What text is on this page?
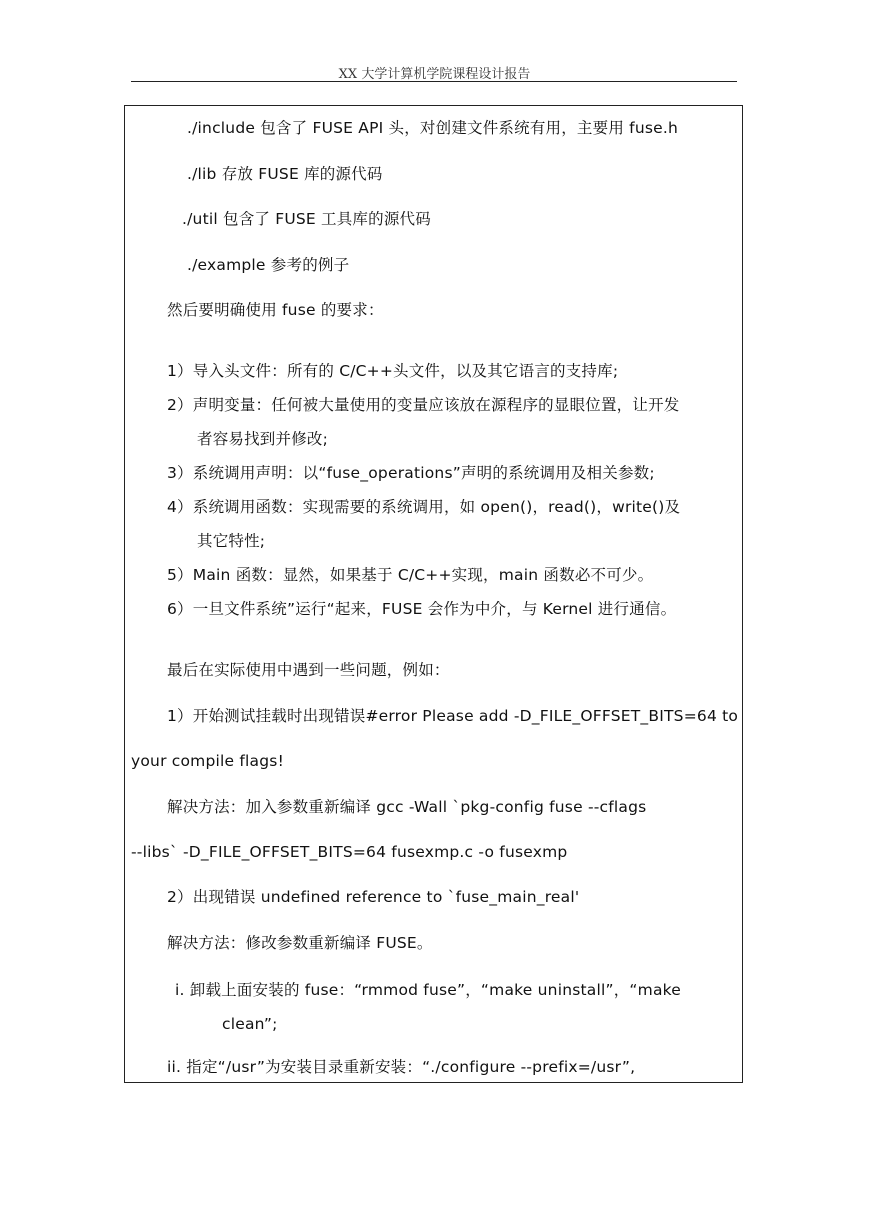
XX 大学计算机学院课程设计报告
./include 包含了 FUSE API 头，对创建文件系统有用，主要用 fuse.h
./lib 存放 FUSE 库的源代码
./util 包含了 FUSE 工具库的源代码
./example 参考的例子
然后要明确使用 fuse 的要求：
1）导入头文件：所有的 C/C++头文件，以及其它语言的支持库;
2）声明变量：任何被大量使用的变量应该放在源程序的显眼位置，让开发
者容易找到并修改;
3）系统调用声明：以“fuse_operations”声明的系统调用及相关参数;
4）系统调用函数：实现需要的系统调用，如 open()，read()，write()及
其它特性;
5）Main 函数：显然，如果基于 C/C++实现，main 函数必不可少。
6）一旦文件系统”运行“起来，FUSE 会作为中介，与 Kernel 进行通信。
最后在实际使用中遇到一些问题，例如：
1）开始测试挂载时出现错误#error Please add -D_FILE_OFFSET_BITS=64 to
your compile flags!
解决方法：加入参数重新编译 gcc -Wall `pkg-config fuse --cflags
--libs` -D_FILE_OFFSET_BITS=64 fusexmp.c -o fusexmp
2）出现错误 undefined reference to `fuse_main_real'
解决方法：修改参数重新编译 FUSE。
i. 卸载上面安装的 fuse：“rmmod fuse”，“make uninstall”，“make
clean”;
ii. 指定“/usr”为安装目录重新安装：“./configure --prefix=/usr”,
